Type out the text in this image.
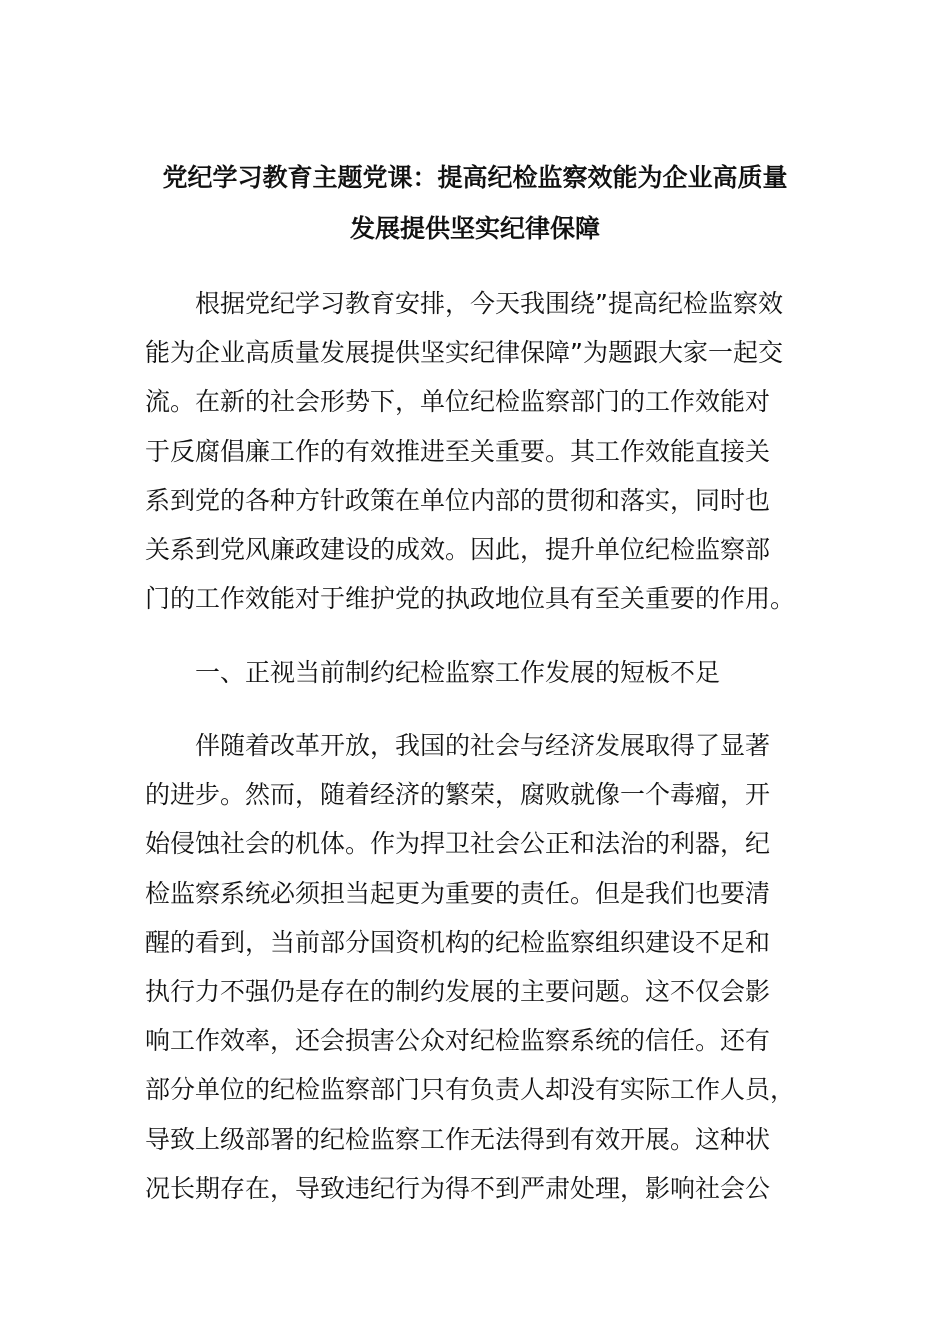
党纪学习教育主题党课：提高纪检监察效能为企业高质量
发展提供坚实纪律保障

根据党纪学习教育安排，今天我围绕”提高纪检监察效
能为企业高质量发展提供坚实纪律保障”为题跟大家一起交
流。在新的社会形势下，单位纪检监察部门的工作效能对
于反腐倡廉工作的有效推进至关重要。其工作效能直接关
系到党的各种方针政策在单位内部的贯彻和落实，同时也
关系到党风廉政建设的成效。因此，提升单位纪检监察部
门的工作效能对于维护党的执政地位具有至关重要的作用。

一、正视当前制约纪检监察工作发展的短板不足

伴随着改革开放，我国的社会与经济发展取得了显著
的进步。然而，随着经济的繁荣，腐败就像一个毒瘤，开
始侵蚀社会的机体。作为捍卫社会公正和法治的利器，纪
检监察系统必须担当起更为重要的责任。但是我们也要清
醒的看到，当前部分国资机构的纪检监察组织建设不足和
执行力不强仍是存在的制约发展的主要问题。这不仅会影
响工作效率，还会损害公众对纪检监察系统的信任。还有
部分单位的纪检监察部门只有负责人却没有实际工作人员，
导致上级部署的纪检监察工作无法得到有效开展。这种状
况长期存在，导致违纪行为得不到严肃处理，影响社会公
